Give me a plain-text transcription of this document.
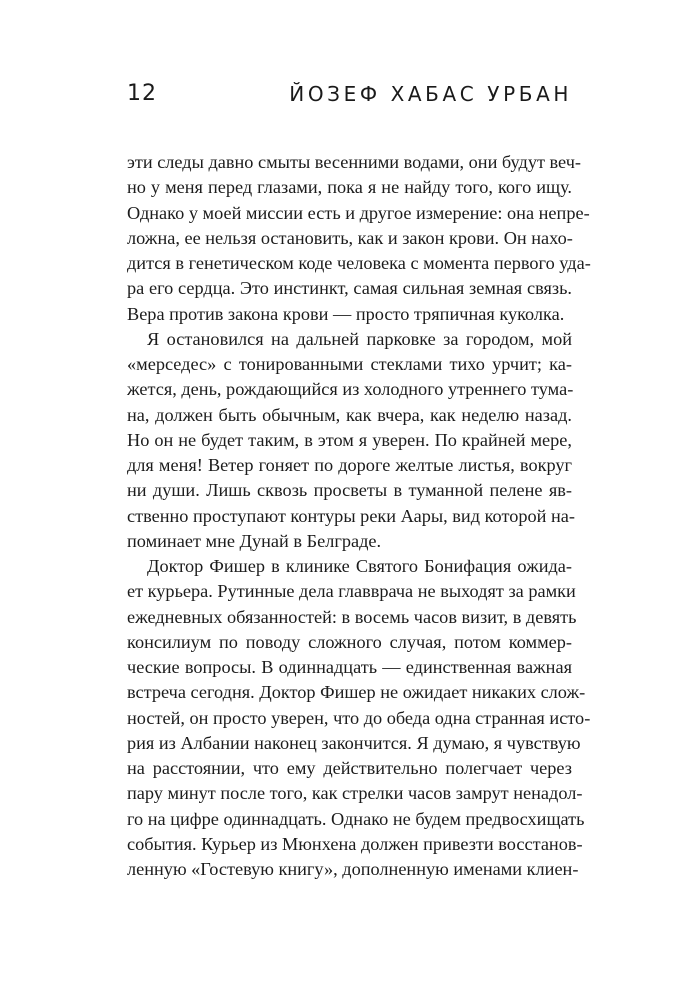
12	ЙОЗЕФ ХАБАС УРБАН
эти следы давно смыты весенними водами, они будут веч-
но у меня перед глазами, пока я не найду того, кого ищу.
Однако у моей миссии есть и другое измерение: она непре-
ложна, ее нельзя остановить, как и закон крови. Он нахо-
дится в генетическом коде человека с момента первого уда-
ра его сердца. Это инстинкт, самая сильная земная связь.
Вера против закона крови — просто тряпичная куколка.
Я остановился на дальней парковке за городом, мой
«мерседес» с тонированными стеклами тихо урчит; ка-
жется, день, рождающийся из холодного утреннего тума-
на, должен быть обычным, как вчера, как неделю назад.
Но он не будет таким, в этом я уверен. По крайней мере,
для меня! Ветер гоняет по дороге желтые листья, вокруг
ни души. Лишь сквозь просветы в туманной пелене яв-
ственно проступают контуры реки Аары, вид которой на-
поминает мне Дунай в Белграде.
Доктор Фишер в клинике Святого Бонифация ожида-
ет курьера. Рутинные дела главврача не выходят за рамки
ежедневных обязанностей: в восемь часов визит, в девять
консилиум по поводу сложного случая, потом коммер-
ческие вопросы. В одиннадцать — единственная важная
встреча сегодня. Доктор Фишер не ожидает никаких слож-
ностей, он просто уверен, что до обеда одна странная исто-
рия из Албании наконец закончится. Я думаю, я чувствую
на расстоянии, что ему действительно полегчает через
пару минут после того, как стрелки часов замрут ненадол-
го на цифре одиннадцать. Однако не будем предвосхищать
события. Курьер из Мюнхена должен привезти восстанов-
ленную «Гостевую книгу», дополненную именами клиен-
